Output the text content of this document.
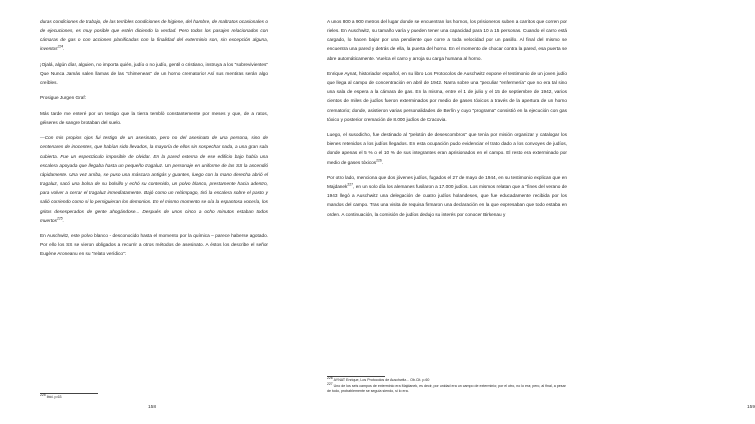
duras condiciones de trabajo, de las terribles condiciones de higiene, del hambre, de maltratos ocasionales o de ejecuciones, es muy posible que estén diciendo la verdad. Pero todos los pasajes relacionados con cámaras de gas o con acciones planificadas con la finalidad del exterminio son, sin excepción alguna, inventos$^{224}$.

¡Ojalá, algún día!, alguien, no importa quién, judío o no judío, gentil o cristiano, instruya a los "sobrevivientes" Que Nunca Jamás salen llamas de las "chimeneas" de un horno crematorio! Así sus mentiras serán algo creíbles.

Prosigue Jurgen Graf:

Más tarde me enteré por un testigo que la tierra temblò constantemente por meses y que, de a ratos, géiseres de sangre brotaban del suelo.

—Con mis propios ojos fui testigo de un asesinato, pero no del asesinato de una persona, sino de centenares de inocentes, que habían sido llevados, la mayoría de ellos sin sospechar nada, a una gran sala cubierta. Fue un espectáculo imposible de olvidar. En la pared externa de ese edificio bajo había una escalera apoyada que llegaba hasta un pequeño tragaluz. Un personaje en uniforme de las SS la ascendió rápidamente. Una vez arriba, se puso una máscara antigás y guantes, luego con la mano derecha abrió el tragaluz, sacó una bolsa de su bolsillo y echó su contenido, un polvo blanco, prestamente hacia adentro, para volver a cerrar el tragaluz inmediatamente. Bajó como un relámpago, tiró la escalera sobre el pasto y salió corriendo como si lo persiguieran los demonios. En el mismo momento se oía la espantosa vocería, los gritos desesperados de gente ahogándose... Después de unos cinco a ocho minutos estaban todos muertos$^{225}$.

En Auschwitz, este polvo blanco - desconocido hasta el momento por la química – parece haberse agotado. Por ello los SS se vieron obligados a recurrir a otros métodos de asesinato. A éstos los describe el señor Eugène Aroneanu en su "relato verídico":

$^{225}$ Ibid. p.63
158

A unos 800 a 900 metros del lugar donde se encuentran los hornos, los prisioneros suben a carritos que corren por rieles. En Auschwitz, su tamaño varía y pueden tener una capacidad para 10 a 15 personas. Cuando el carro está cargado, lo hacen bajar por una pendiente que corre a toda velocidad por un pasillo. Al final del mismo se encuentra una pared y detrás de ella, la puerta del horno. En el momento de chocar contra la pared, esa puerta se abre automáticamente. Vuelca el carro y arroja su carga humana al horno.

Enrique Aynat, historiador español, en su libro Los Protocolos de Auschwitz expone el testimonio de un joven judío que llega al campo de concentración en abril de 1942. Narra sobre una "peculiar "enfermería" que no era tal sino una sala de espera a la cámara de gas. En la misma, entre el 1 de julio y el 15 de septiembre de 1942, varios cientos de miles de judíos fueron exterminados por medio de gases tóxicos a través de la apertura de un horno crematorio; donde, asistieron varias personalidades de Berlín y cuyo "programa" consistió en la ejecución con gas tóxico y posterior cremación de 8.000 judíos de Cracovia.

Luego, el susodicho, fue destinado al "pelotón de desescombros" que tenía por misión organizar y catalogar los bienes retenidos a los judíos llegados. En esta ocupación pudo evidenciar el trato dado a los convoyes de judíos, donde apenas el 5 % o el 10 % de sus integrantes eran aprisionados en el campo. El resto era exterminado por medio de gases tóxicos$^{226}$.

Por otro lado, menciona que dos jóvenes judíos, fugados el 27 de mayo de 1944, en su testimonio explican que en Majdanek$^{227}$, en un solo día los alemanes fusilaron a 17.000 judíos. Los mismos relatan que a "fines del verano de 1943 llegó a Auschwitz una delegación de cuatro judíos holandeses, que fue educadamente recibida por los mandos del campo. Tras una visita de requisa firmaron una declaración en la que expresaban que todo estaba en orden. A continuación, la comisión de judíos dedujo su interés por conocer Birkenau y

$^{226}$ AYNAT Enrique, Los Protocolos de Auschwitz... Ob.Cit. p.60
$^{227}$ Uno de los seis campos de exterminio era Majdanek, es decir, por unidad era un campo de exterminio; por el otro, no lo era; pero, al final, a pesar de todo, probablemente se seguía siendo, si lo era.
159
